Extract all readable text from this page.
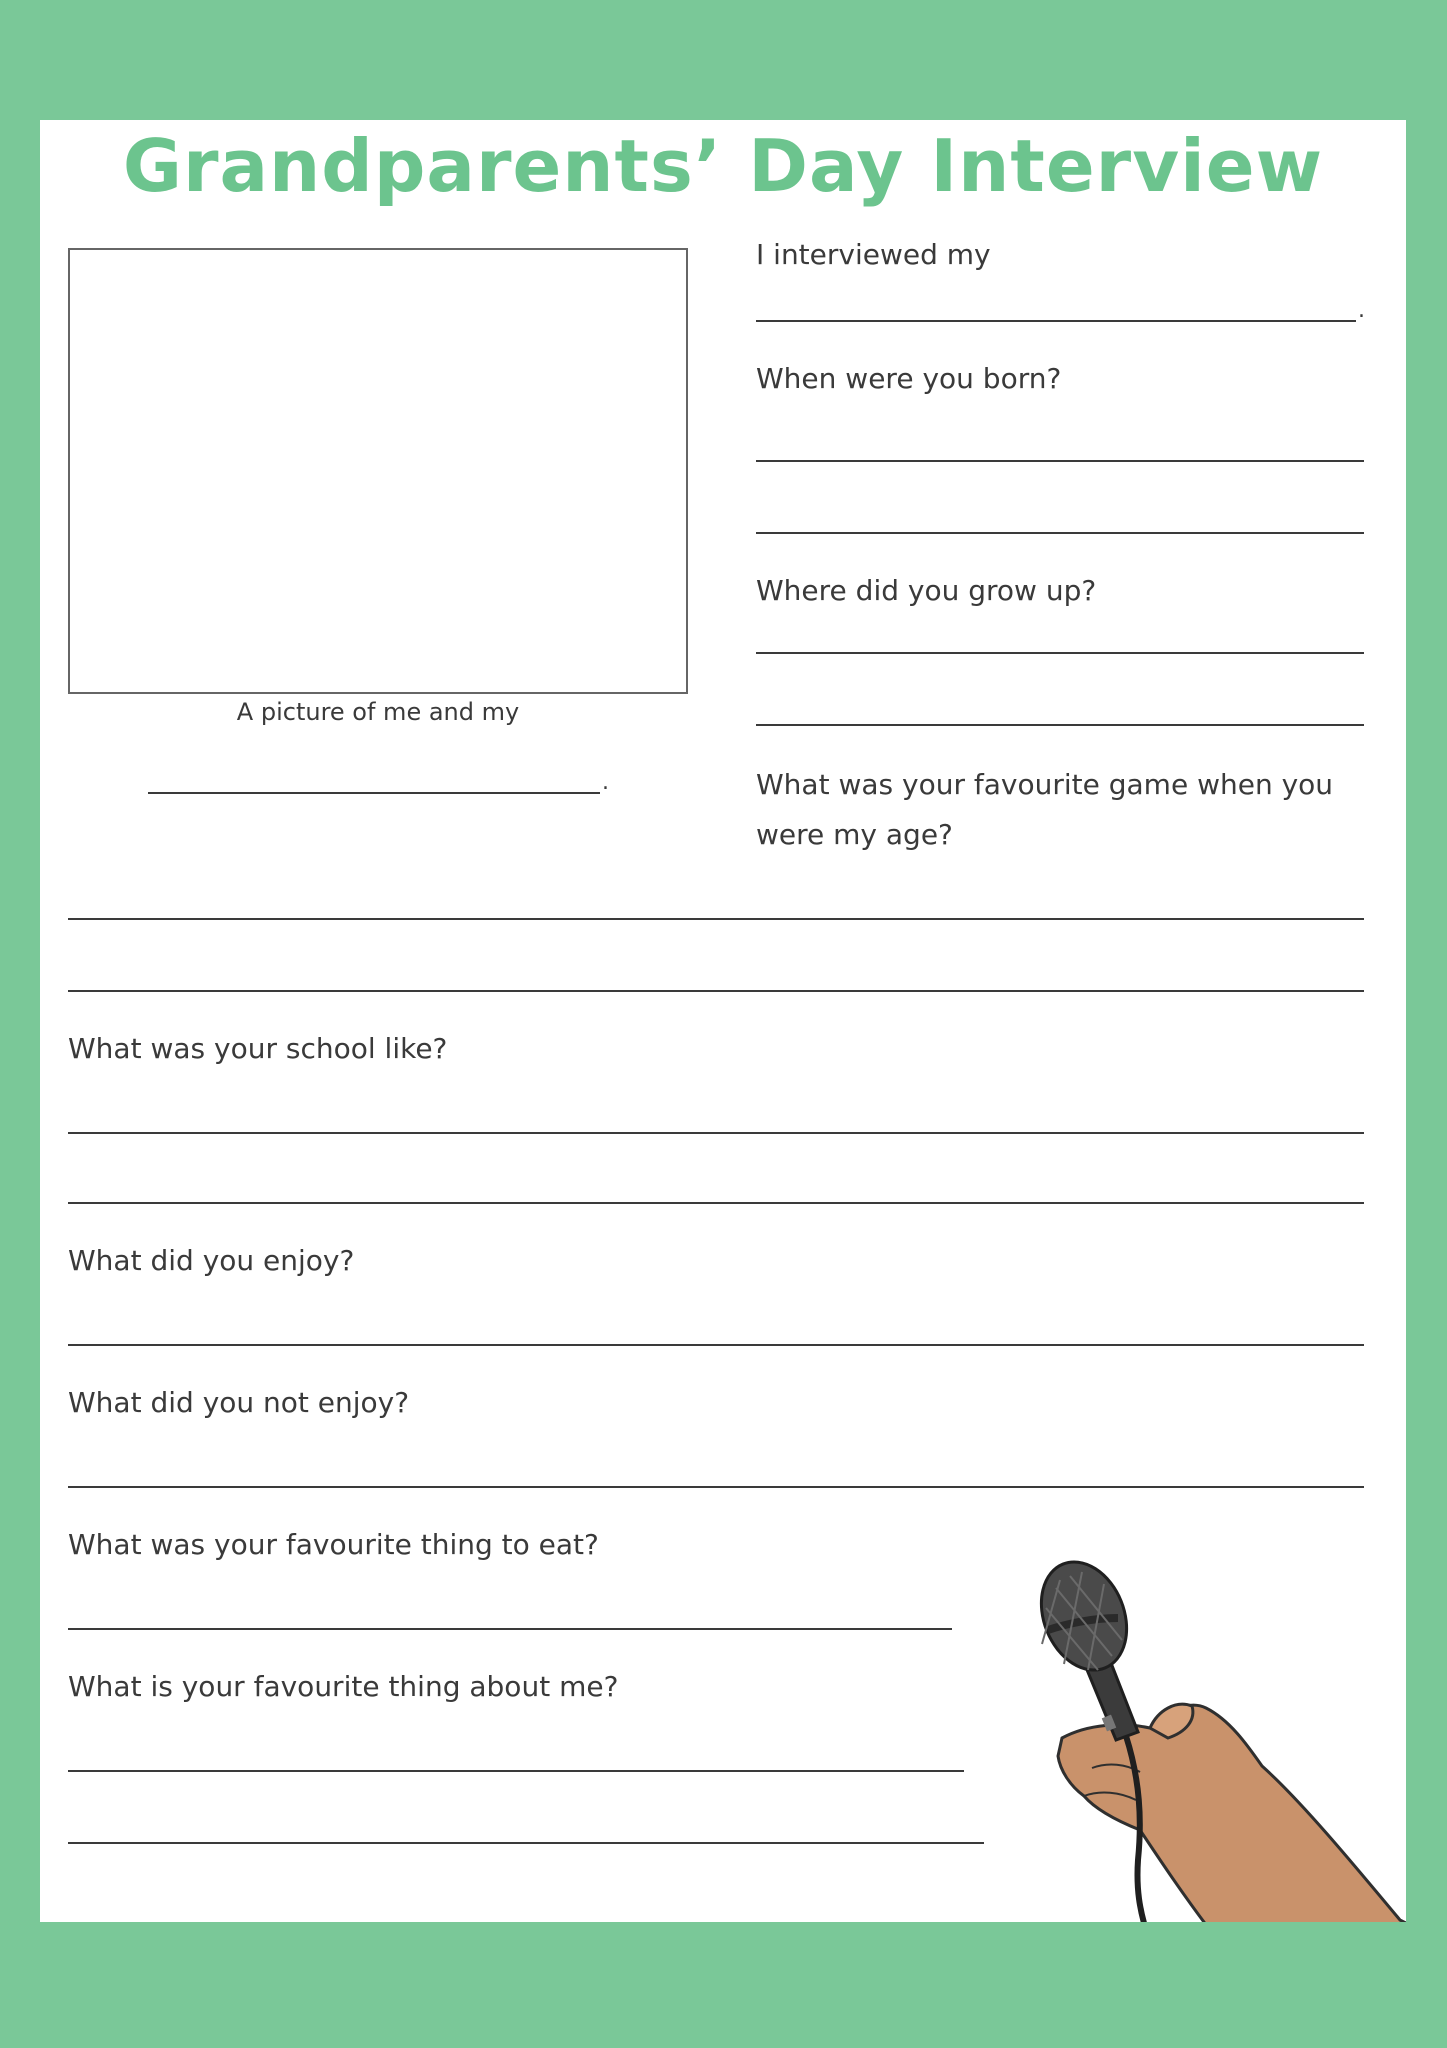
Grandparents’ Day Interview
A picture of me and my
.
I interviewed my
.
When were you born?
Where did you grow up?
What was your favourite game when you were my age?
What was your school like?
What did you enjoy?
What did you not enjoy?
What was your favourite thing to eat?
What is your favourite thing about me?
